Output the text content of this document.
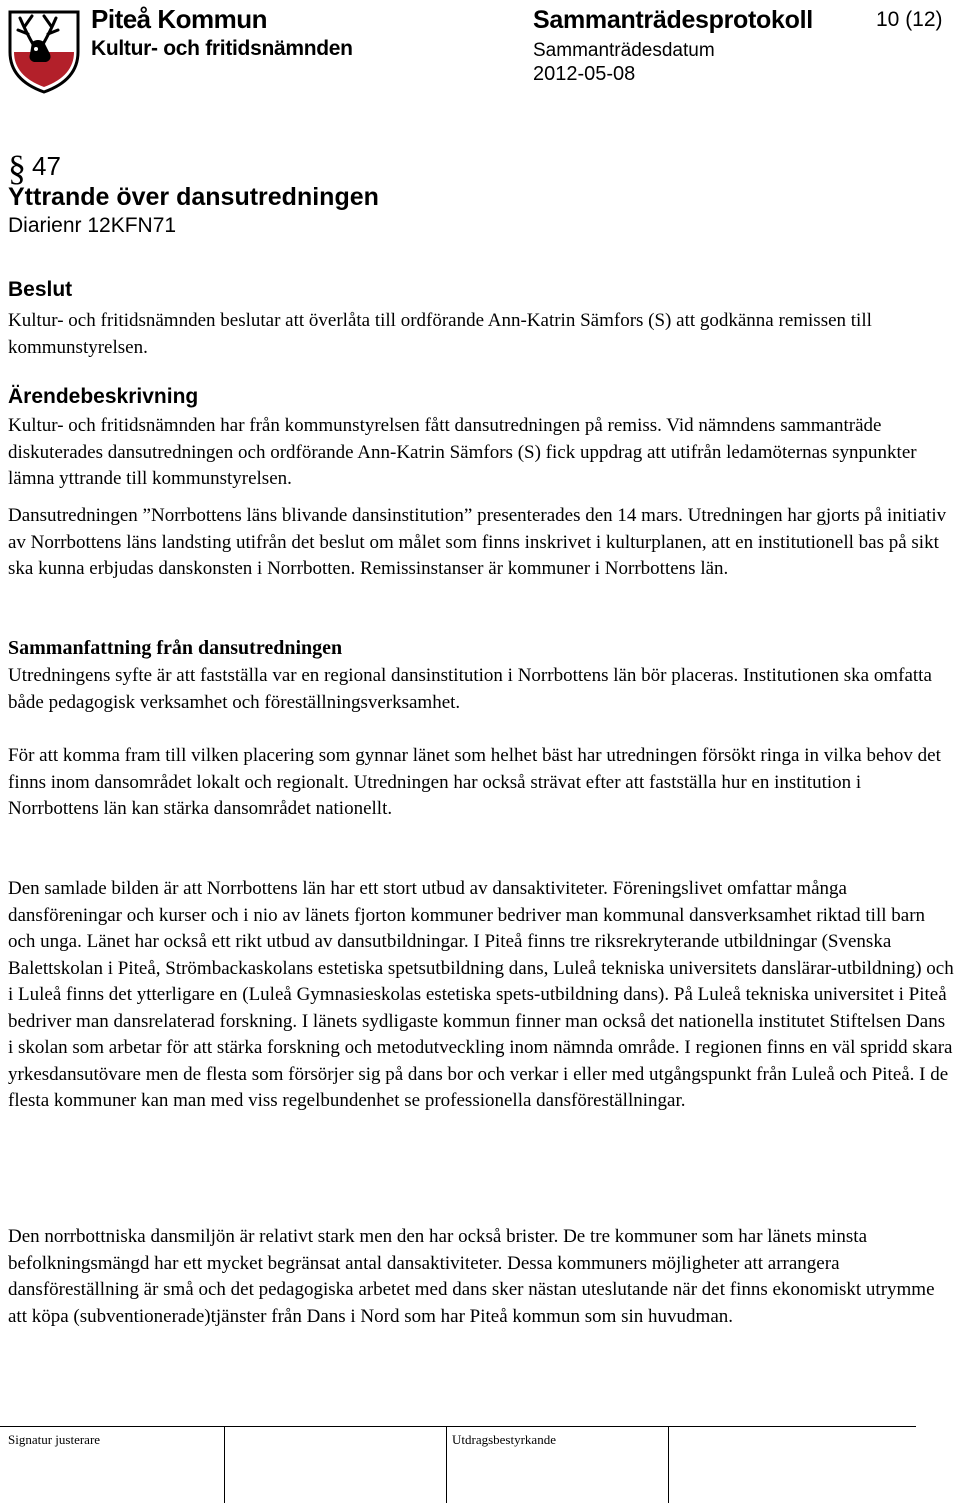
Piteå Kommun
Kultur- och fritidsnämnden
Sammanträdesprotokoll
Sammanträdesdatum
2012-05-08
10 (12)
§ 47
Yttrande över dansutredningen
Diarienr 12KFN71
Beslut
Kultur- och fritidsnämnden beslutar att överlåta till ordförande Ann-Katrin Sämfors (S) att godkänna remissen till kommunstyrelsen.
Ärendebeskrivning
Kultur- och fritidsnämnden har från kommunstyrelsen fått dansutredningen på remiss. Vid nämndens sammanträde diskuterades dansutredningen och ordförande Ann-Katrin Sämfors (S) fick uppdrag att utifrån ledamöternas synpunkter lämna yttrande till kommunstyrelsen.
Dansutredningen ”Norrbottens läns blivande dansinstitution” presenterades den 14 mars. Utredningen har gjorts på initiativ av Norrbottens läns landsting utifrån det beslut om målet som finns inskrivet i kulturplanen, att en institutionell bas på sikt ska kunna erbjudas danskonsten i Norrbotten. Remissinstanser är kommuner i Norrbottens län.
Sammanfattning från dansutredningen
Utredningens syfte är att fastställa var en regional dansinstitution i Norrbottens län bör placeras. Institutionen ska omfatta både pedagogisk verksamhet och föreställningsverksamhet.
För att komma fram till vilken placering som gynnar länet som helhet bäst har utredningen försökt ringa in vilka behov det finns inom dansområdet lokalt och regionalt. Utredningen har också strävat efter att fastställa hur en institution i Norrbottens län kan stärka dansområdet nationellt.
Den samlade bilden är att Norrbottens län har ett stort utbud av dansaktiviteter. Föreningslivet omfattar många dansföreningar och kurser och i nio av länets fjorton kommuner bedriver man kommunal dansverksamhet riktad till barn och unga. Länet har också ett rikt utbud av dansutbildningar. I Piteå finns tre riksrekryterande utbildningar (Svenska Balettskolan i Piteå, Strömbackaskolans estetiska spetsutbildning dans, Luleå tekniska universitets danslärar-utbildning) och i Luleå finns det ytterligare en (Luleå Gymnasieskolas estetiska spets-utbildning dans). På Luleå tekniska universitet i Piteå bedriver man dansrelaterad forskning. I länets sydligaste kommun finner man också det nationella institutet Stiftelsen Dans i skolan som arbetar för att stärka forskning och metodutveckling inom nämnda område. I regionen finns en väl spridd skara yrkesdansutövare men de flesta som försörjer sig på dans bor och verkar i eller med utgångspunkt från Luleå och Piteå. I de flesta kommuner kan man med viss regelbundenhet se professionella dansföreställningar.
Den norrbottniska dansmiljön är relativt stark men den har också brister. De tre kommuner som har länets minsta befolkningsmängd har ett mycket begränsat antal dansaktiviteter. Dessa kommuners möjligheter att arrangera dansföreställning är små och det pedagogiska arbetet med dans sker nästan uteslutande när det finns ekonomiskt utrymme att köpa (subventionerade)tjänster från Dans i Nord som har Piteå kommun som sin huvudman.
Signatur justerare	Utdragsbestyrkande
